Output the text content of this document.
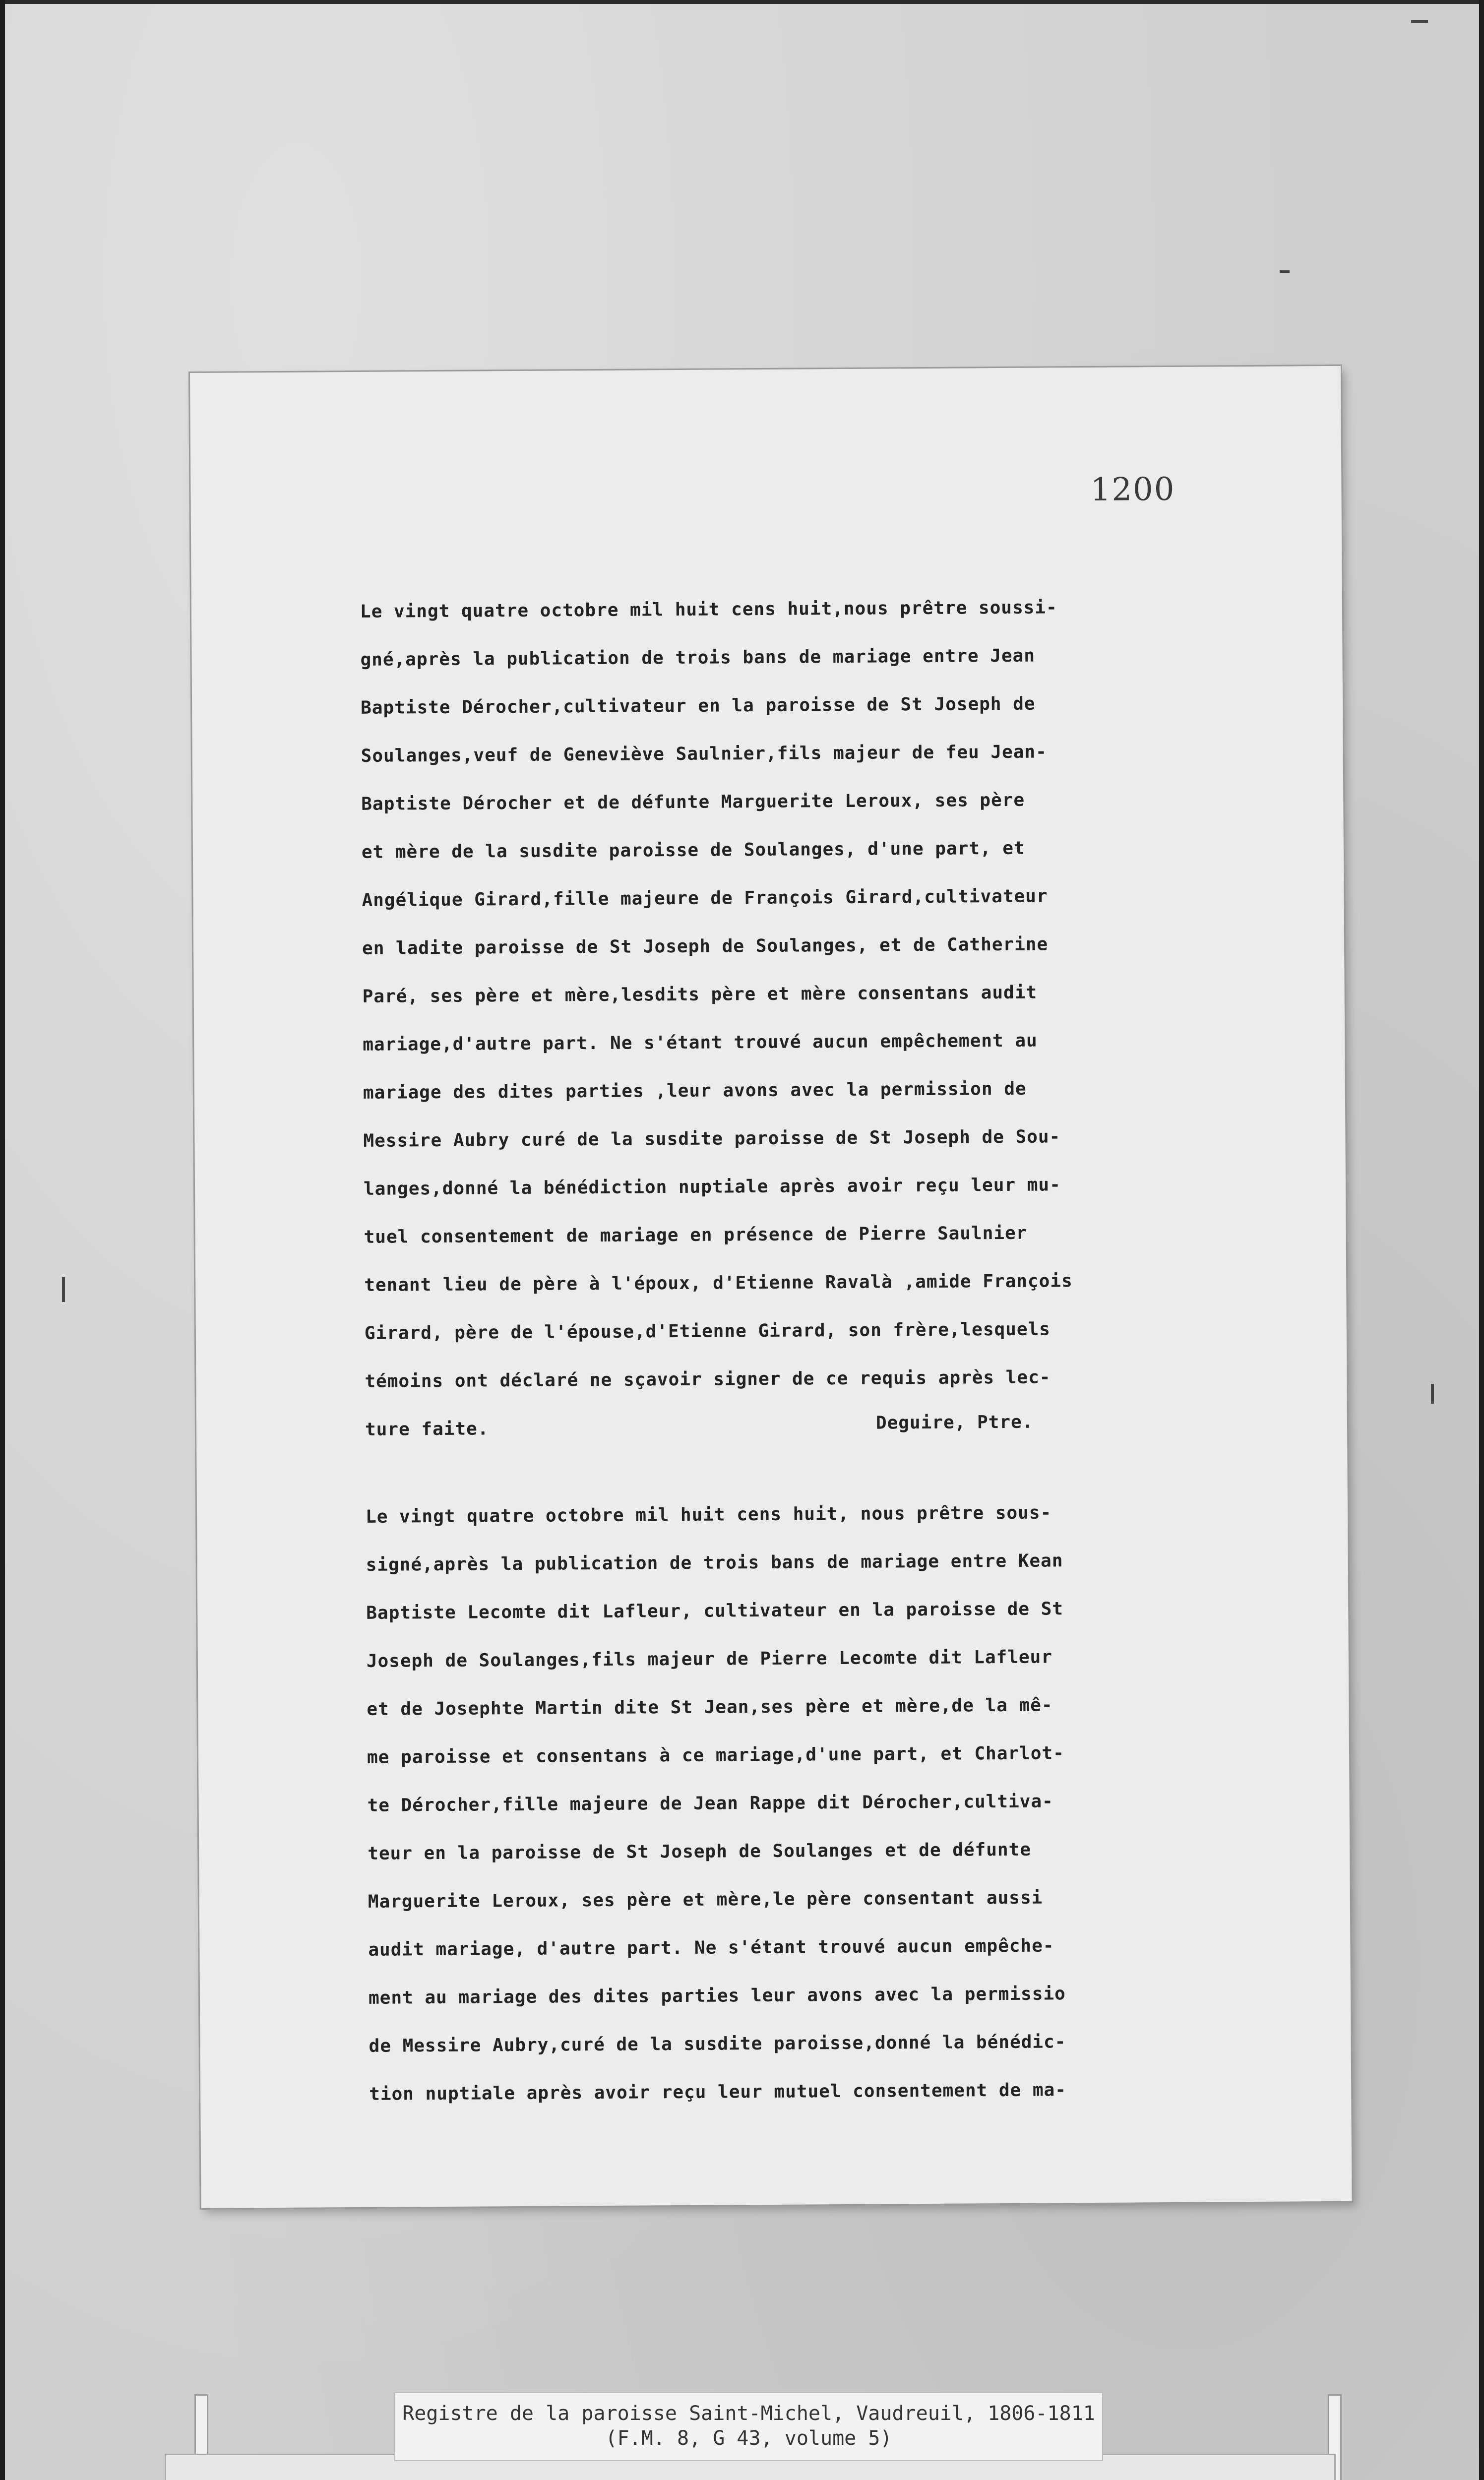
1200
Le vingt quatre octobre mil huit cens huit,nous prêtre soussi-
gné,après la publication de trois bans de mariage entre Jean
Baptiste Dérocher,cultivateur en la paroisse de St Joseph de
Soulanges,veuf de Geneviève Saulnier,fils majeur de feu Jean-
Baptiste Dérocher et de défunte Marguerite Leroux, ses père
et mère de la susdite paroisse de Soulanges, d'une part, et
Angélique Girard,fille majeure de François Girard,cultivateur
en ladite paroisse de St Joseph de Soulanges, et de Catherine
Paré, ses père et mère,lesdits père et mère consentans audit
mariage,d'autre part. Ne s'étant trouvé aucun empêchement au
mariage des dites parties ,leur avons avec la permission de
Messire Aubry curé de la susdite paroisse de St Joseph de Sou-
langes,donné la bénédiction nuptiale après avoir reçu leur mu-
tuel consentement de mariage en présence de Pierre Saulnier
tenant lieu de père à l'époux, d'Etienne Ravalà ,amide François
Girard, père de l'épouse,d'Etienne Girard, son frère,lesquels
témoins ont déclaré ne sçavoir signer de ce requis après lec-
ture faite.	Deguire, Ptre.
Le vingt quatre octobre mil huit cens huit, nous prêtre sous-
signé,après la publication de trois bans de mariage entre Kean
Baptiste Lecomte dit Lafleur, cultivateur en la paroisse de St
Joseph de Soulanges,fils majeur de Pierre Lecomte dit Lafleur
et de Josephte Martin dite St Jean,ses père et mère,de la mê-
me paroisse et consentans à ce mariage,d'une part, et Charlot-
te Dérocher,fille majeure de Jean Rappe dit Dérocher,cultiva-
teur en la paroisse de St Joseph de Soulanges et de défunte
Marguerite Leroux, ses père et mère,le père consentant aussi
audit mariage, d'autre part. Ne s'étant trouvé aucun empêche-
ment au mariage des dites parties leur avons avec la permissio
de Messire Aubry,curé de la susdite paroisse,donné la bénédic-
tion nuptiale après avoir reçu leur mutuel consentement de ma-
Registre de la paroisse Saint-Michel, Vaudreuil, 1806-1811
(F.M. 8, G 43, volume 5)
